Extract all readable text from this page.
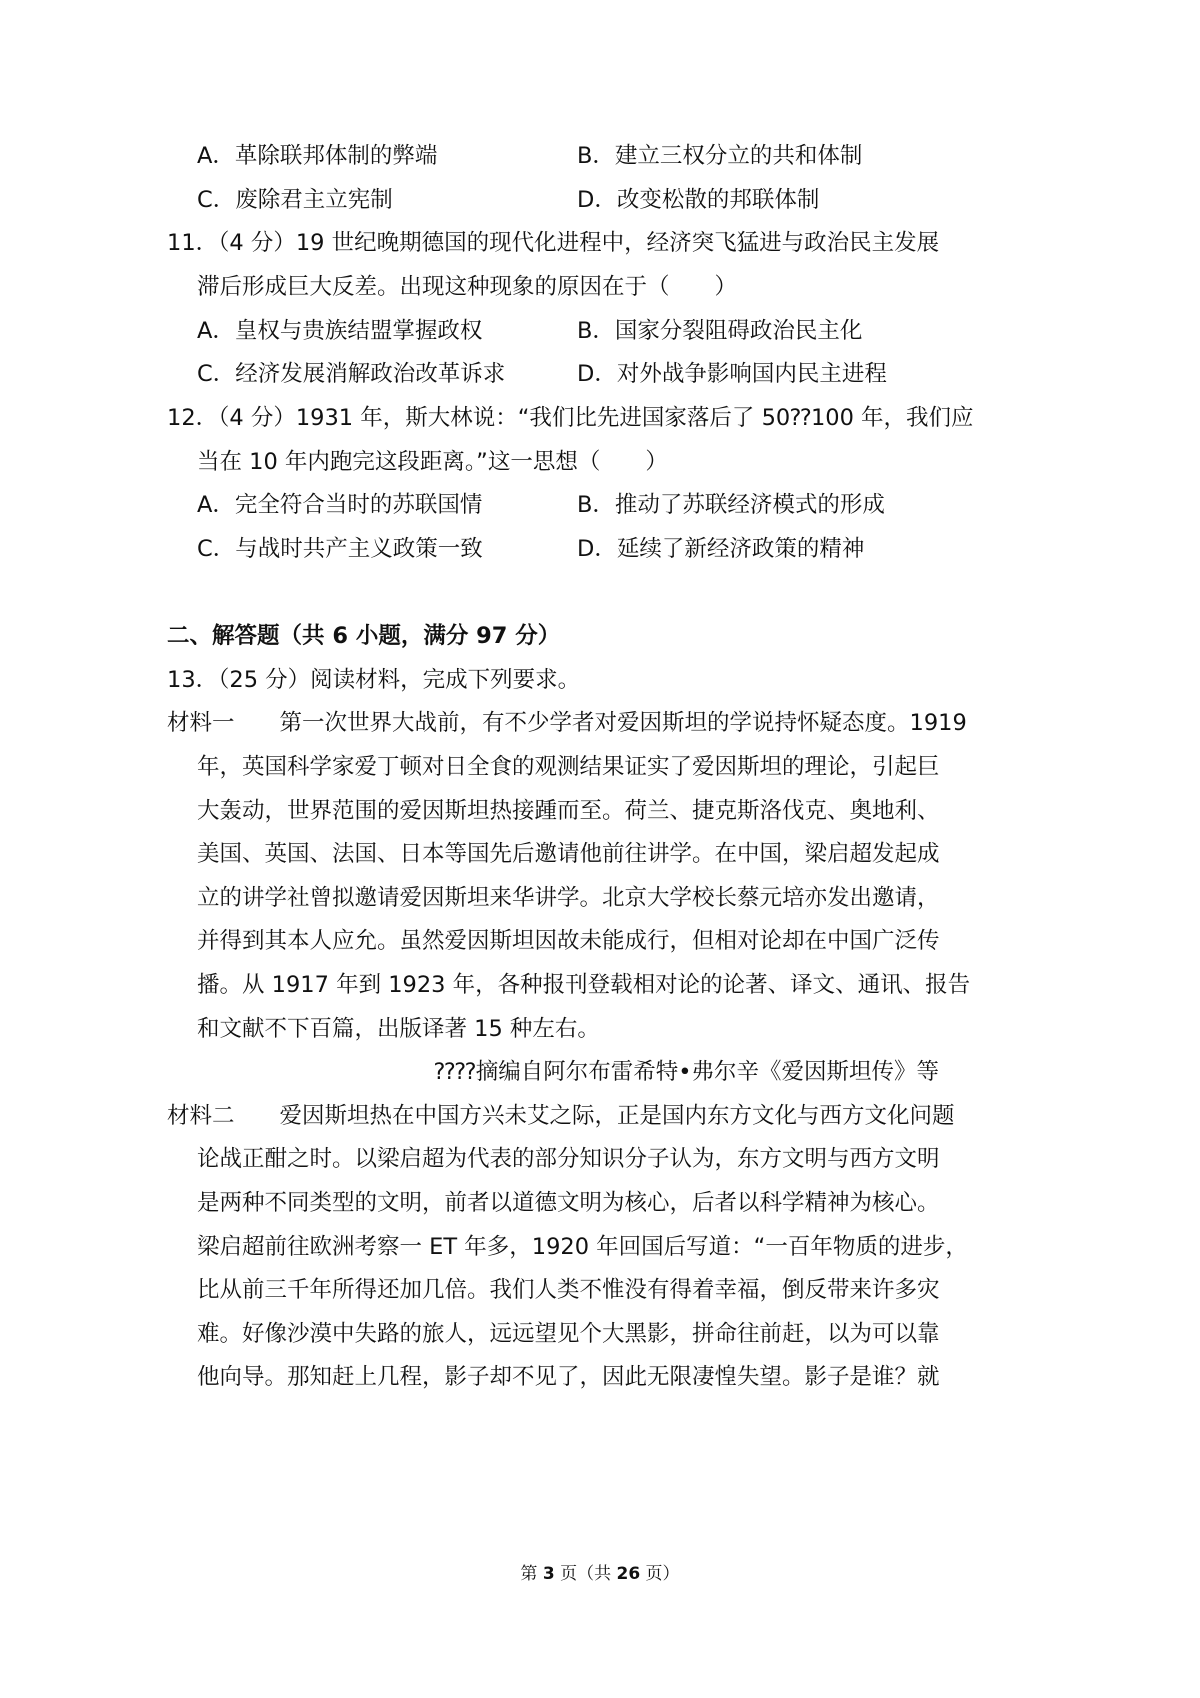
A．革除联邦体制的弊端	B．建立三权分立的共和体制
C．废除君主立宪制	D．改变松散的邦联体制
11．（4 分）19 世纪晚期德国的现代化进程中，经济突飞猛进与政治民主发展
滞后形成巨大反差。出现这种现象的原因在于（　　）
A．皇权与贵族结盟掌握政权	B．国家分裂阻碍政治民主化
C．经济发展消解政治改革诉求	D．对外战争影响国内民主进程
12．（4 分）1931 年，斯大林说：“我们比先进国家落后了 50⁇100 年，我们应
当在 10 年内跑完这段距离。”这一思想（　　）
A．完全符合当时的苏联国情	B．推动了苏联经济模式的形成
C．与战时共产主义政策一致	D．延续了新经济政策的精神
二、解答题（共 6 小题，满分 97 分）
13．（25 分）阅读材料，完成下列要求。
材料一　　第一次世界大战前，有不少学者对爱因斯坦的学说持怀疑态度。1919
年，英国科学家爱丁顿对日全食的观测结果证实了爱因斯坦的理论，引起巨
大轰动，世界范围的爱因斯坦热接踵而至。荷兰、捷克斯洛伐克、奥地利、
美国、英国、法国、日本等国先后邀请他前往讲学。在中国，梁启超发起成
立的讲学社曾拟邀请爱因斯坦来华讲学。北京大学校长蔡元培亦发出邀请，
并得到其本人应允。虽然爱因斯坦因故未能成行，但相对论却在中国广泛传
播。从 1917 年到 1923 年，各种报刊登载相对论的论著、译文、通讯、报告
和文献不下百篇，出版译著 15 种左右。
⁇⁇摘编自阿尔布雷希特•弗尔辛《爱因斯坦传》等
材料二　　爱因斯坦热在中国方兴未艾之际，正是国内东方文化与西方文化问题
论战正酣之时。以梁启超为代表的部分知识分子认为，东方文明与西方文明
是两种不同类型的文明，前者以道德文明为核心，后者以科学精神为核心。
梁启超前往欧洲考察一 ET 年多，1920 年回国后写道：“一百年物质的进步，
比从前三千年所得还加几倍。我们人类不惟没有得着幸福，倒反带来许多灾
难。好像沙漠中失路的旅人，远远望见个大黑影，拼命往前赶，以为可以靠
他向导。那知赶上几程，影子却不见了，因此无限凄惶失望。影子是谁？就
第 3 页（共 26 页）
